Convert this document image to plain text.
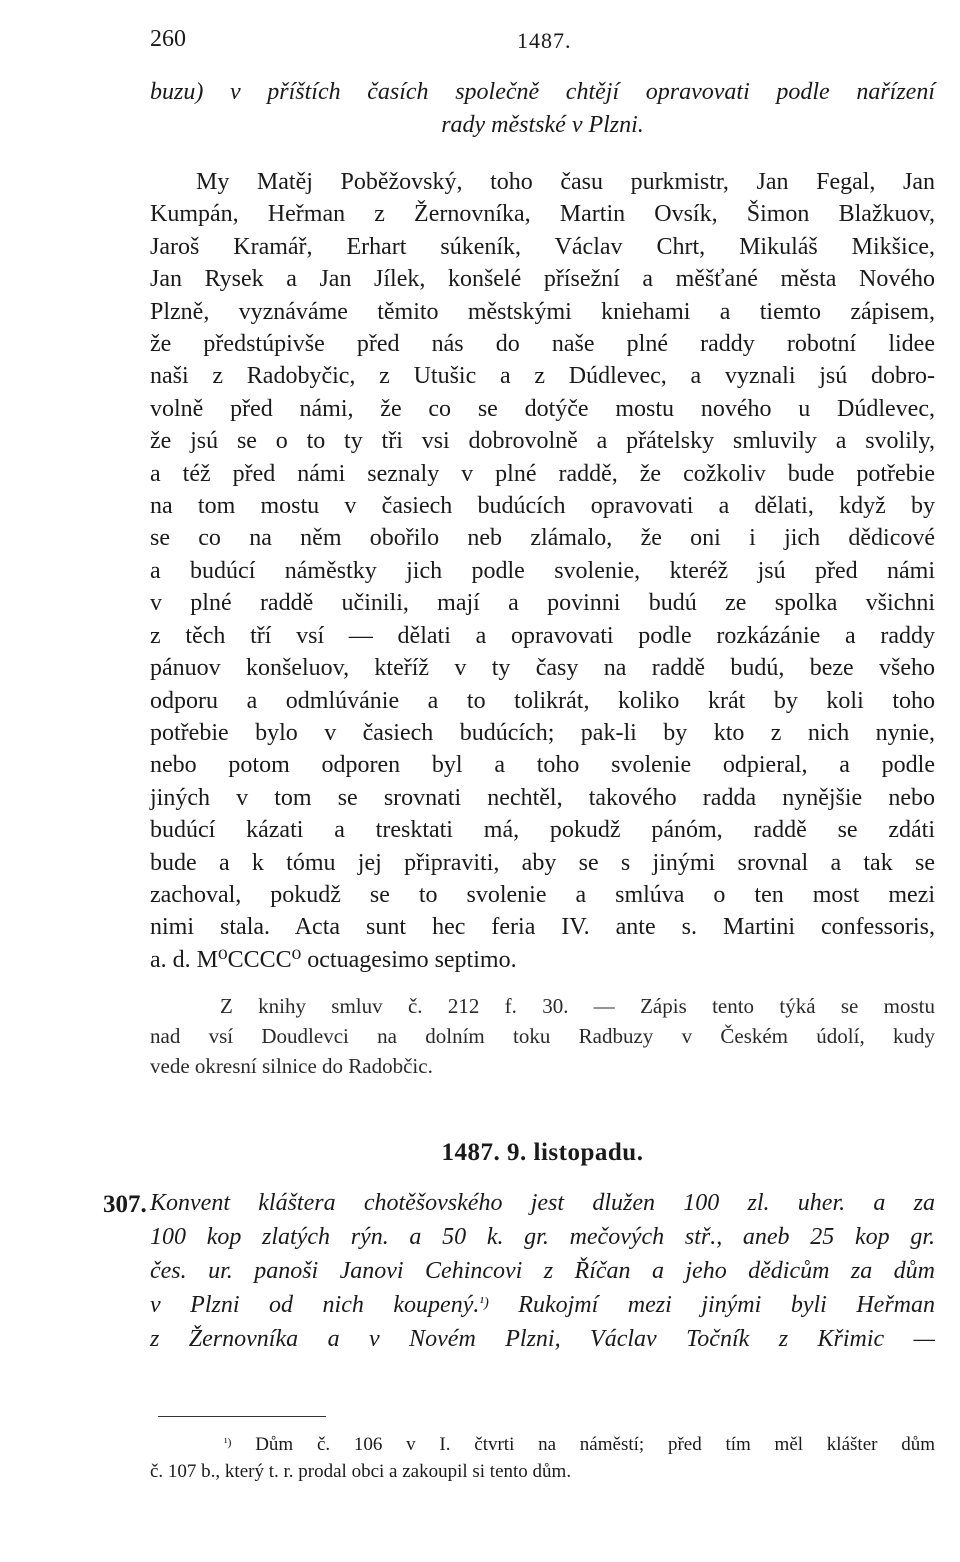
260	1487.
buzu) v příštích časích společně chtějí opravovati podle nařízení
rady městské v Plzni.
My Matěj Poběžovský, toho času purkmistr, Jan Fegal, Jan
Kumpán, Heřman z Žernovníka, Martin Ovsík, Šimon Blažkuov,
Jaroš Kramář, Erhart súkeník, Václav Chrt, Mikuláš Mikšice,
Jan Rysek a Jan Jílek, konšelé přísežní a měšťané města Nového
Plzně, vyznáváme těmito městskými kniehami a tiemto zápisem,
že předstúpivše před nás do naše plné raddy robotní lidee
naši z Radobyčic, z Utušic a z Dúdlevec, a vyznali jsú dobro-
volně před námi, že co se dotýče mostu nového u Dúdlevec,
že jsú se o to ty tři vsi dobrovolně a přátelsky smluvily a svolily,
a též před námi seznaly v plné raddě, že cožkoliv bude potřebie
na tom mostu v časiech budúcích opravovati a dělati, když by
se co na něm obořilo neb zlámalo, že oni i jich dědicové
a budúcí náměstky jich podle svolenie, kteréž jsú před námi
v plné raddě učinili, mají a povinni budú ze spolka všichni
z těch tří vsí — dělati a opravovati podle rozkázánie a raddy
pánuov konšeluov, kteříž v ty časy na raddě budú, beze všeho
odporu a odmlúvánie a to tolikrát, koliko krát by koli toho
potřebie bylo v časiech budúcích; pak-li by kto z nich nynie,
nebo potom odporen byl a toho svolenie odpieral, a podle
jiných v tom se srovnati nechtěl, takového radda nynějšie nebo
budúcí kázati a tresktati má, pokudž pánóm, raddě se zdáti
bude a k tómu jej připraviti, aby se s jinými srovnal a tak se
zachoval, pokudž se to svolenie a smlúva o ten most mezi
nimi stala. Acta sunt hec feria IV. ante s. Martini confessoris,
a. d. M⁰CCCC⁰ octuagesimo septimo.
Z knihy smluv č. 212 f. 30. — Zápis tento týká se mostu
nad vsí Doudlevci na dolním toku Radbuzy v Českém údolí, kudy
vede okresní silnice do Radobčic.
1487. 9. listopadu.
307. Konvent kláštera chotěšovského jest dlužen 100 zl. uher. a za
100 kop zlatých rýn. a 50 k. gr. mečových stř., aneb 25 kop gr.
čes. ur. panoši Janovi Cehincovi z Říčan a jeho dědicům za dům
v Plzni od nich koupený.$^{^1)}$ Rukojmí mezi jinými byli Heřman
z Žernovníka a v Novém Plzni, Václav Točník z Křimic —
$^{^1)}$ Dům č. 106 v I. čtvrti na náměstí; před tím měl klášter dům
č. 107 b., který t. r. prodal obci a zakoupil si tento dům.
